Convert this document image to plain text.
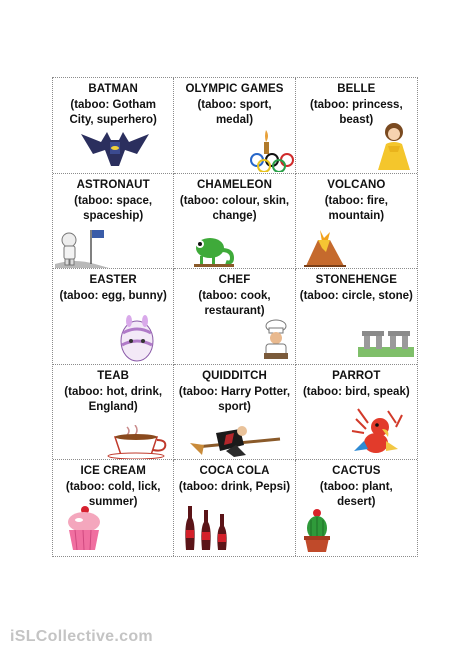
BATMAN
(taboo: Gotham City, superhero)
OLYMPIC GAMES
(taboo: sport, medal)
BELLE
(taboo: princess, beast)
ASTRONAUT
(taboo: space, spaceship)
CHAMELEON
(taboo: colour, skin, change)
VOLCANO
(taboo: fire, mountain)
EASTER
(taboo: egg, bunny)
CHEF
(taboo: cook, restaurant)
STONEHENGE
(taboo: circle, stone)
TEAB
(taboo: hot, drink, England)
QUIDDITCH
(taboo: Harry Potter, sport)
PARROT
(taboo: bird, speak)
ICE CREAM
(taboo: cold, lick, summer)
COCA COLA
(taboo: drink, Pepsi)
CACTUS
(taboo: plant, desert)
iSLCollective.com
